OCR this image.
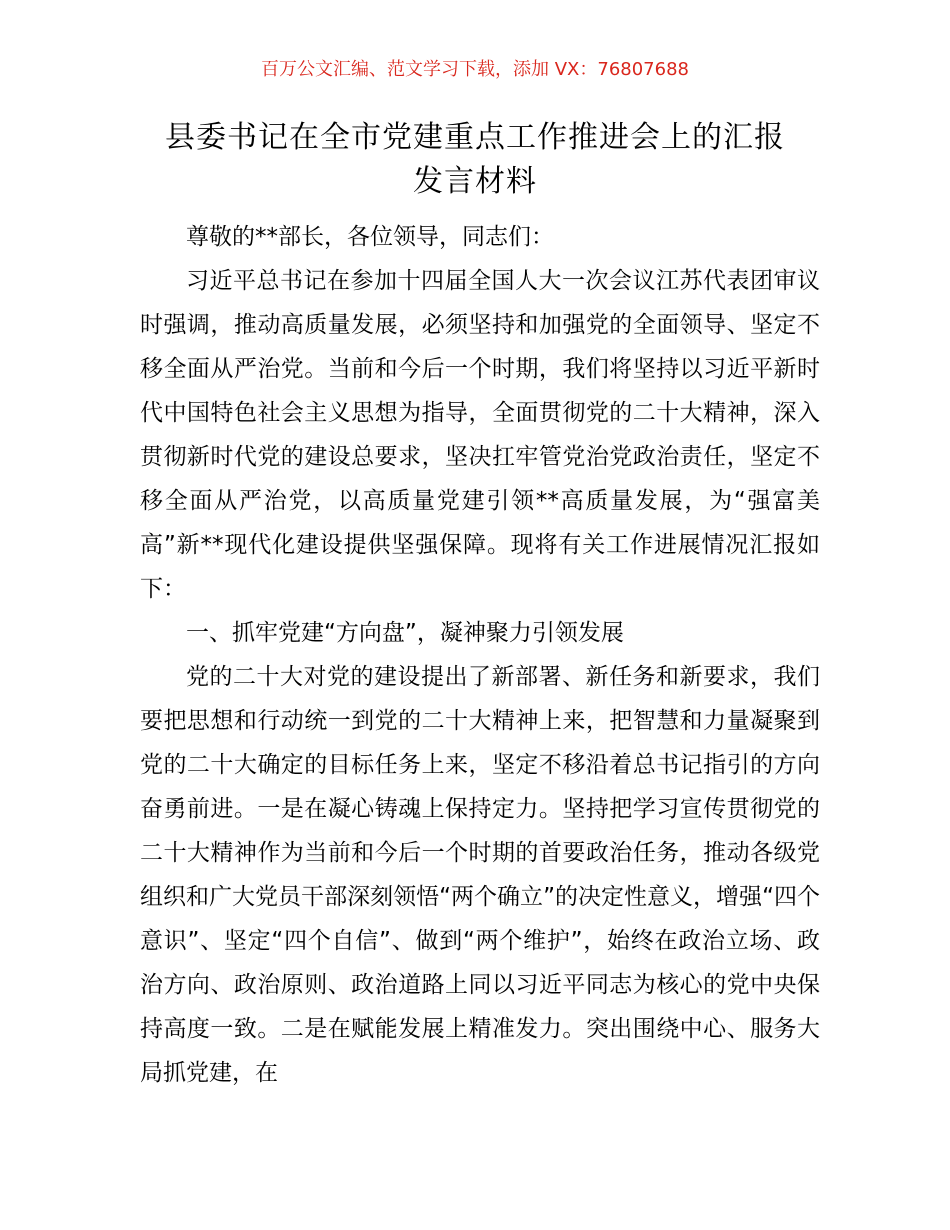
百万公文汇编、范文学习下载，添加 VX：76807688
县委书记在全市党建重点工作推进会上的汇报
发言材料

尊敬的**部长，各位领导，同志们：

习近平总书记在参加十四届全国人大一次会议江苏代表团审议时强调，推动高质量发展，必须坚持和加强党的全面领导、坚定不移全面从严治党。当前和今后一个时期，我们将坚持以习近平新时代中国特色社会主义思想为指导，全面贯彻党的二十大精神，深入贯彻新时代党的建设总要求，坚决扛牢管党治党政治责任，坚定不移全面从严治党，以高质量党建引领**高质量发展，为“强富美高”新**现代化建设提供坚强保障。现将有关工作进展情况汇报如下：

一、抓牢党建“方向盘”，凝神聚力引领发展

党的二十大对党的建设提出了新部署、新任务和新要求，我们要把思想和行动统一到党的二十大精神上来，把智慧和力量凝聚到党的二十大确定的目标任务上来，坚定不移沿着总书记指引的方向奋勇前进。一是在凝心铸魂上保持定力。坚持把学习宣传贯彻党的二十大精神作为当前和今后一个时期的首要政治任务，推动各级党组织和广大党员干部深刻领悟“两个确立”的决定性意义，增强“四个意识”、坚定“四个自信”、做到“两个维护”，始终在政治立场、政治方向、政治原则、政治道路上同以习近平同志为核心的党中央保持高度一致。二是在赋能发展上精准发力。突出围绕中心、服务大局抓党建，在
